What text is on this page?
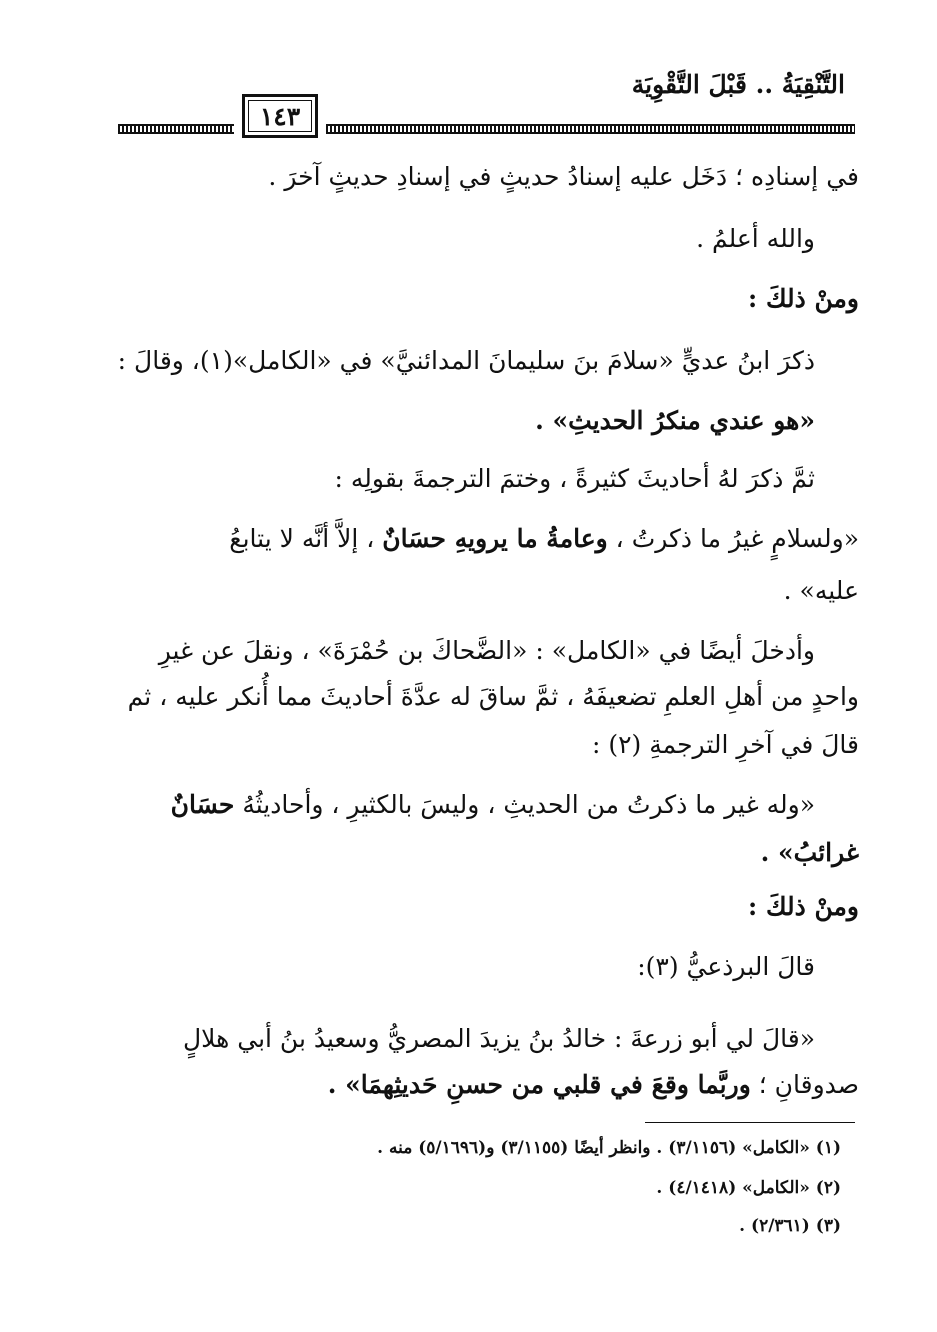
التَّنْقِيَةُ .. قَبْلَ التَّقْوِيَة
١٤٣
في إسنادِه ؛ دَخَل عليه إسنادُ حديثٍ في إسنادِ حديثٍ آخرَ .
والله أعلمُ .
ومنْ ذلكَ :
ذكرَ ابنُ عديٍّ «سلامَ بنَ سليمانَ المدائنيَّ» في «الكامل»(١)، وقالَ :
«هو عندي منكرُ الحديثِ» .
ثمَّ ذكرَ لهُ أحاديثَ كثيرةً ، وختمَ الترجمةَ بقولِه :
«ولسلامٍ غيرُ ما ذكرتُ ، وعامةُ ما يرويهِ حسَانٌ ، إلاَّ أنَّه لا يتابعُ
عليه» .
وأدخلَ أيضًا في «الكامل» : «الضَّحاكَ بن حُمْرَةَ» ، ونقلَ عن غيرِ
واحدٍ من أهلِ العلمِ تضعيفَهُ ، ثمَّ ساقَ له عدَّةَ أحاديثَ مما أُنكر عليه ، ثم
قالَ في آخرِ الترجمةِ (٢) :
«وله غير ما ذكرتُ من الحديثِ ، وليسَ بالكثيرِ ، وأحاديثُهُ حسَانٌ
غرائبُ» .
ومنْ ذلكَ :
قالَ البرذعيُّ (٣):
«قالَ لي أبو زرعةَ : خالدُ بنُ يزيدَ المصريُّ وسعيدُ بنُ أبي هلالٍ
صدوقانِ ؛ وربَّما وقعَ في قلبي من حسنِ حَديثِهمَا» .
(١) «الكامل» (٣/١١٥٦) . وانظر أيضًا (٣/١١٥٥) و(٥/١٦٩٦) منه .
(٢) «الكامل» (٤/١٤١٨) .
(٣) (٢/٣٦١) .
